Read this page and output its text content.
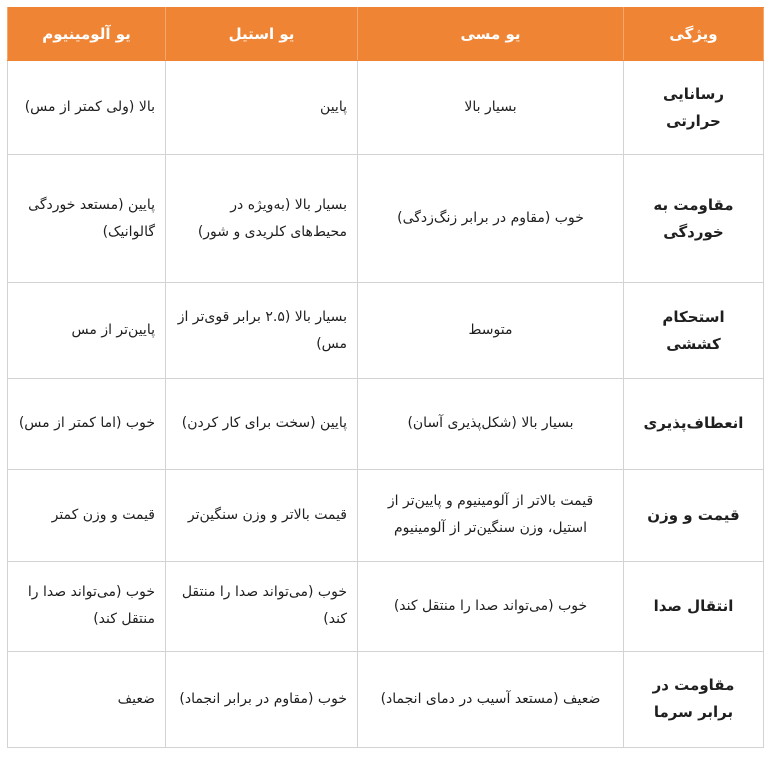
ویژگی	یو مسی	یو استیل	یو آلومینیوم
رسانایی حرارتی	بسیار بالا	پایین	بالا (ولی کمتر از مس)
مقاومت به خوردگی	خوب (مقاوم در برابر زنگ‌زدگی)	بسیار بالا (به‌ویژه در محیط‌های کلریدی و شور)	پایین (مستعد خوردگی گالوانیک)
استحکام کششی	متوسط	بسیار بالا (۲.۵ برابر قوی‌تر از مس)	پایین‌تر از مس
انعطاف‌پذیری	بسیار بالا (شکل‌پذیری آسان)	پایین (سخت برای کار کردن)	خوب (اما کمتر از مس)
قیمت و وزن	قیمت بالاتر از آلومینیوم و پایین‌تر از استیل، وزن سنگین‌تر از آلومینیوم	قیمت بالاتر و وزن سنگین‌تر	قیمت و وزن کمتر
انتقال صدا	خوب (می‌تواند صدا را منتقل کند)	خوب (می‌تواند صدا را منتقل کند)	خوب (می‌تواند صدا را منتقل کند)
مقاومت در برابر سرما	ضعیف (مستعد آسیب در دمای انجماد)	خوب (مقاوم در برابر انجماد)	ضعیف
